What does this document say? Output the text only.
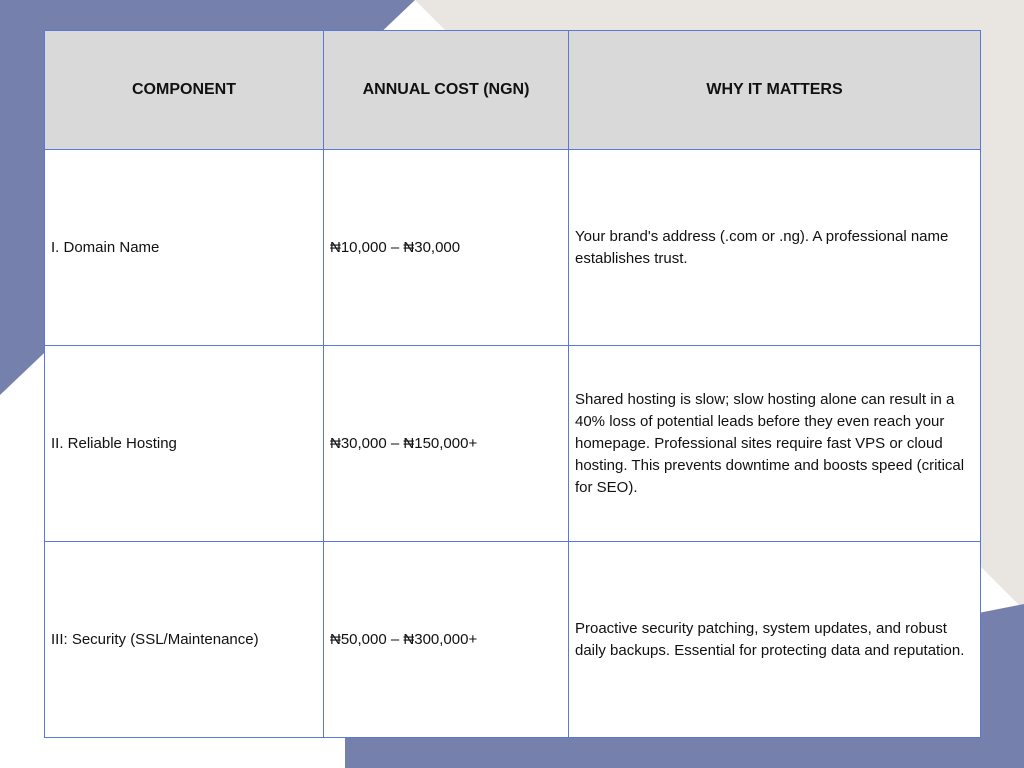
COMPONENT	ANNUAL COST (NGN)	WHY IT MATTERS
I. Domain Name	₦10,000 – ₦30,000	Your brand's address (.com or .ng). A professional name establishes trust.
II. Reliable Hosting	₦30,000 – ₦150,000+	Shared hosting is slow; slow hosting alone can result in a 40% loss of potential leads before they even reach your homepage. Professional sites require fast VPS or cloud hosting. This prevents downtime and boosts speed (critical for SEO).
III: Security (SSL/Maintenance)	₦50,000 – ₦300,000+	Proactive security patching, system updates, and robust daily backups. Essential for protecting data and reputation.
